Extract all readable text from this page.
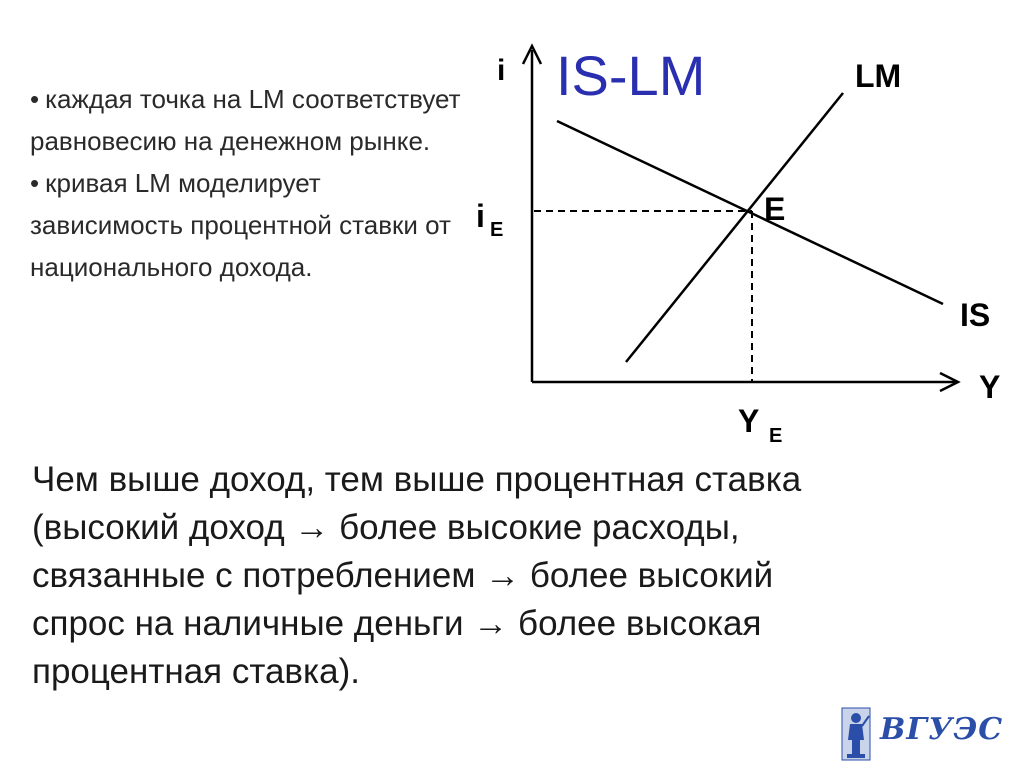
• каждая точка на LM соответствует равновесию на денежном рынке.

• кривая LM моделирует зависимость процентной ставки от национального дохода.

IS-LM
i	LM
IS
Y
E
i E
Y E

Чем выше доход, тем выше процентная ставка

(высокий доход → более высокие расходы,

связанные с потреблением → более высокий

спрос на наличные деньги → более высокая

процентная ставка).

ВГУЭС
